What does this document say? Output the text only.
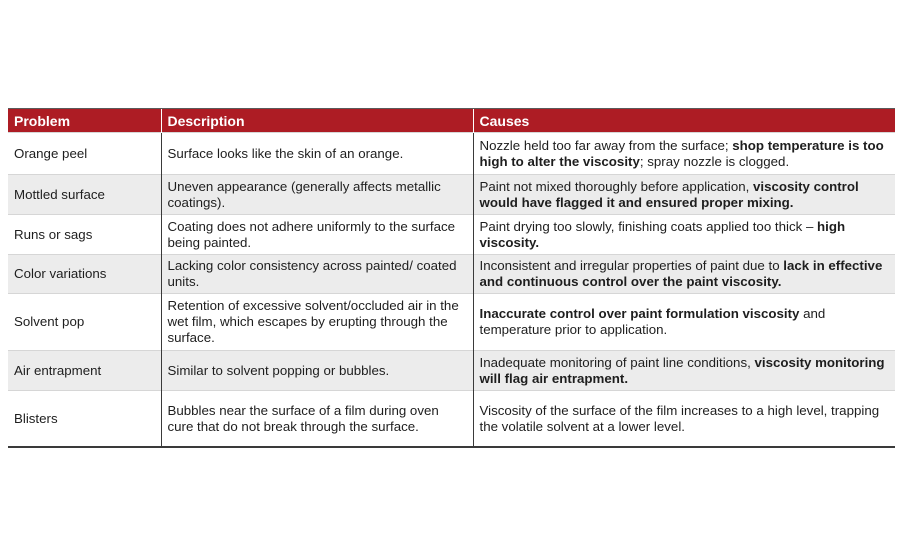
Problem	Description	Causes
Orange peel	Surface looks like the skin of an orange.	Nozzle held too far away from the surface; shop temperature is too high to alter the viscosity; spray nozzle is clogged.
Mottled surface	Uneven appearance (generally affects metallic coatings).	Paint not mixed thoroughly before application, viscosity control would have flagged it and ensured proper mixing.
Runs or sags	Coating does not adhere uniformly to the surface being painted.	Paint drying too slowly, finishing coats applied too thick – high viscosity.
Color variations	Lacking color consistency across painted/ coated units.	Inconsistent and irregular properties of paint due to lack in effective and continuous control over the paint viscosity.
Solvent pop	Retention of excessive solvent/occluded air in the wet film, which escapes by erupting through the surface.	Inaccurate control over paint formulation viscosity and temperature prior to application.
Air entrapment	Similar to solvent popping or bubbles.	Inadequate monitoring of paint line conditions, viscosity monitoring will flag air entrapment.
Blisters	Bubbles near the surface of a film during oven cure that do not break through the surface.	Viscosity of the surface of the film increases to a high level, trapping the volatile solvent at a lower level.
